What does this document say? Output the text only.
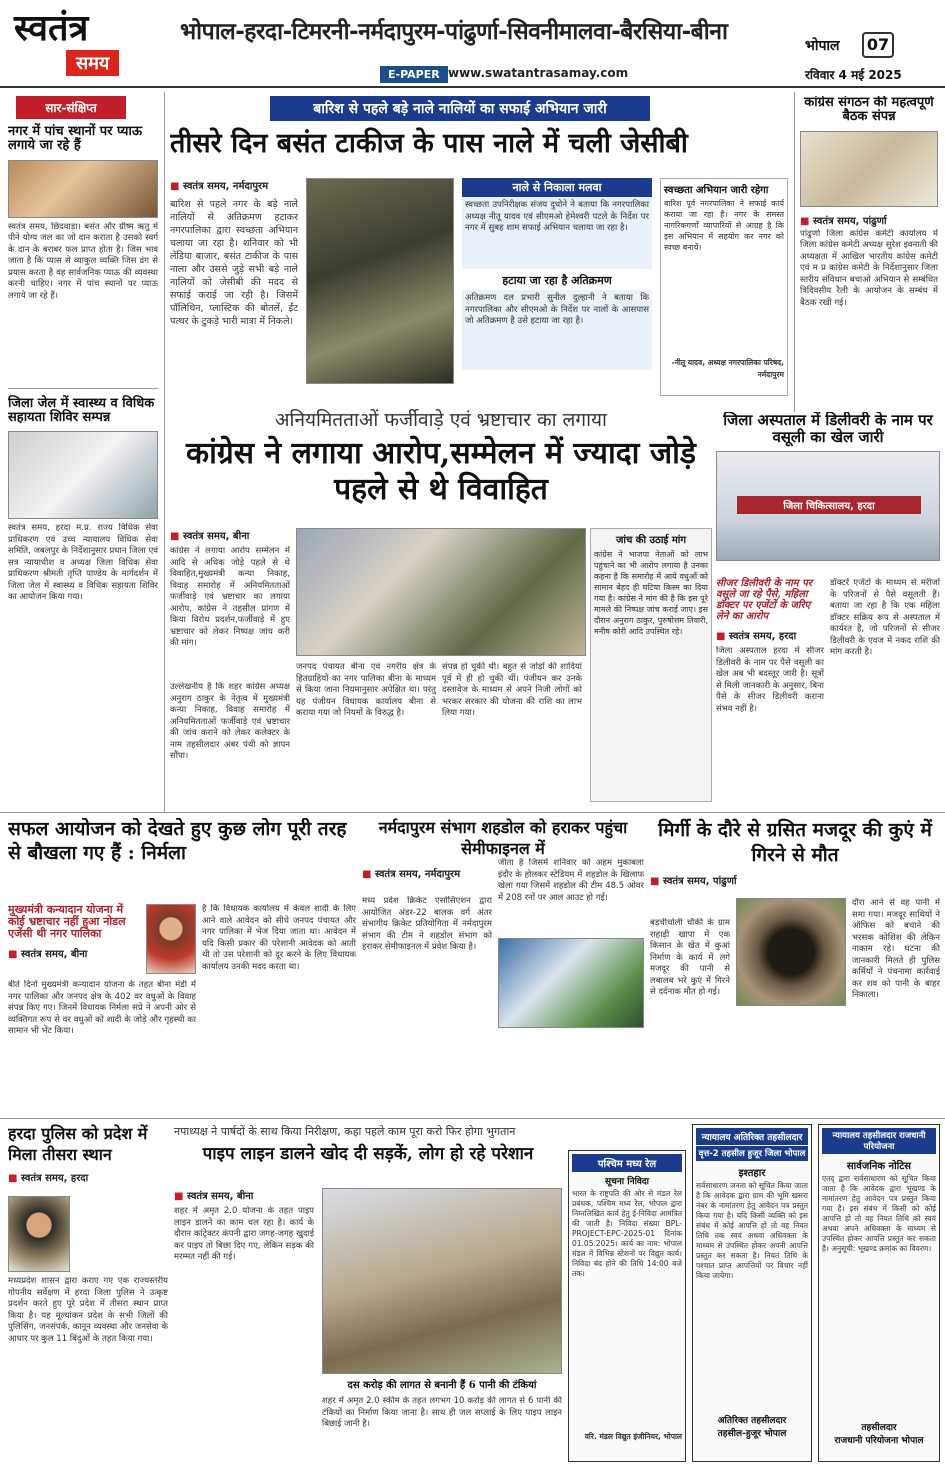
स्वतंत्र
समय
भोपाल-हरदा-टिमरनी-नर्मदापुरम-पांढुर्णा-सिवनीमालवा-बैरसिया-बीना
E-PAPER www.swatantrasamay.com
भोपाल	07
रविवार 4 मई 2025
सार-संक्षिप्त
नगर में पांच स्थानों पर प्याऊ लगाये जा रहे हैं
स्वतंत्र समय, छिंदवाड़ा। बसंत और ग्रीष्म ऋतु में पीने योग्य जल का जो दान कराता है उसको स्वर्ग के दान के बराबर फल प्राप्त होता है। जिस भाव जाता है कि प्यास से व्याकुल व्यक्ति जिस ढंग से प्रयास करता है वह सार्वजनिक प्याऊ की व्यवस्था करनी चाहिए। नगर में पांच स्थानों पर प्याऊ लगाये जा रहे हैं।
जिला जेल में स्वास्थ्य व विधिक सहायता शिविर सम्पन्न
स्वतंत्र समय, हरदा म.प्र. राज्य विधिक सेवा प्राधिकरण एवं उच्च न्यायालय विधिक सेवा समिति, जबलपुर के निर्देशानुसार प्रधान जिला एवं सत्र न्यायाधीश व अध्यक्ष जिला विधिक सेवा प्राधिकरण श्रीमती तृप्ति पाण्डेय के मार्गदर्शन में जिला जेल में स्वास्थ्य व विधिक सहायता शिविर का आयोजन किया गया।
बारिश से पहले बड़े नाले नालियों का सफाई अभियान जारी
तीसरे दिन बसंत टाकीज के पास नाले में चली जेसीबी
■ स्वतंत्र समय, नर्मदापुरम
बारिश से पहले नगर के बड़े नाले नालियों से अतिक्रमण हटाकर नगरपालिका द्वारा स्वच्छता अभियान चलाया जा रहा है। शनिवार को भी लेंडिया बाजार, बसंत टाकीज के पास नाला और उससे जुड़े सभी बड़े नाले नालियों को जेसीबी की मदद से सफाई कराई जा रही है। जिसमें पॉलिथिन, प्लास्टिक की बोतलें, ईंट पत्थर के टुकड़े भारी मात्रा में निकले।
नाले से निकाला मलवा
स्वच्छता उपनिरीक्षक संजय दुधोने ने बताया कि नगरपालिका अध्यक्ष नीतू यादव एवं सीएमओ हेमेश्वरी पटले के निर्देश पर नगर में सुबह शाम सफाई अभियान चलाया जा रहा है।
हटाया जा रहा है अतिक्रमण
अतिक्रमण दल प्रभारी सुनील दुल्हानी ने बताया कि नगरपालिका और सीएमओ के निर्देश पर नालों के आसपास जो अतिक्रमण है उसे हटाया जा रहा है।
स्वच्छता अभियान जारी रहेगा
बारिश पूर्व नगरपालिका ने सफाई कार्य कराया जा रहा है। नगर के समस्त नागरिकगणों व्यापारियों से आग्रह है कि इस अभियान में सहयोग कर नगर को स्वच्छ बनायें।
-नीतू यादव, अध्यक्ष नगरपालिका परिषद, नर्मदापुरम
कांग्रेस संगठन की महत्वपूर्ण बैठक संपन्न
■ स्वतंत्र समय, पांढुर्णा
पांढुर्णा जिला कांग्रेस कमेटी कार्यालय में जिला कांग्रेस कमेटी अध्यक्ष सुरेश इवनाती की अध्यक्षता में आखिल भारतीय कांग्रेस कमेटी एवं म प्र कांग्रेस कमेटी के निर्देशानुसार जिला स्तरीय संविधान बचाओ अभियान से सम्बंधित त्रिदिवसीय रैली के आयोजन के सम्बंध में बैठक रखी गई।
अनियमितताओं फर्जीवाड़े एवं भ्रष्टाचार का लगाया
कांग्रेस ने लगाया आरोप,सम्मेलन में ज्यादा जोड़े पहले से थे विवाहित
■ स्वतंत्र समय, बीना
कांग्रेस ने लगाया आरोप सम्मेलन में आदि से अधिक जोड़े पहले से थे विवाहित,मुख्यमंत्री कन्या निकाह, विवाह समारोह में अनियमितताओं फर्जीवाड़े एवं भ्रष्टाचार का लगाया आरोप, कांग्रेस ने तहसील प्रांगण में किया विरोध प्रदर्शन,फर्जीवाड़े में हुए भ्रष्टाचार को लेकर निष्पक्ष जांच करी की मांग।
उल्लेखनीय है कि शहर कांग्रेस अध्यक्ष अनुराग ठाकुर के नेतृत्व में मुख्यमंत्री कन्या निकाह, विवाह समारोह में अनियमितताओं फर्जीवाड़े एवं भ्रष्टाचार की जांच कराने को लेकर कलेक्टर के नाम तहसीलदार अंबर पंथी को ज्ञापन सौंपा।
जनपद पंचायत बीना एवं नगरीय क्षेत्र के हितग्राहियों का नगर पालिका बीना के माध्यम से किया जाना नियमानुसार अपेक्षित था। परंतु यह पंजीयन विधायक कार्यालय बीना से कराया गया जो नियमों के विरुद्ध है।
संपन्न हो चुकी थी। बहुत से जोड़ों की शादियां पूर्व में ही हो चुकी थीं। पंजीयन कर उनके दस्तावेज के माध्यम से अपने निजी लोगों को भरकर सरकार की योजना की राशि का लाभ लिया गया।
जांच की उठाई मांग
कांग्रेस ने भाजपा नेताओं को लाभ पहुंचाने का भी आरोप लगाया है उनका कहना है कि समारोह में आये वधुओं को सामान बेहद ही घटिया किस्म का दिया गया है। कांग्रेस ने मांग की है कि इस पूरे मामले की निष्पक्ष जांच कराई जाए। इस दौरान अनुराग ठाकुर, पुरुषोत्तम तिवारी, मनीष कोरी आदि उपस्थित रहे।
जिला अस्पताल में डिलीवरी के नाम पर वसूली का खेल जारी
जिला चिकित्सालय, हरदा
सीजर डिलीवरी के नाम पर वसूले जा रहे पैसे, महिला डॉक्टर पर एजेंटों के जरिए लेने का आरोप
■ स्वतंत्र समय, हरदा
जिला अस्पताल हरदा में सीजर डिलीवरी के नाम पर पैसे वसूली का खेल अब भी बदस्तूर जारी है। सूत्रों से मिली जानकारी के अनुसार, बिना पैसे के सीजर डिलीवरी कराना संभव नहीं है।
डॉक्टरें एजेंटों के माध्यम से मरीजों के परिजनों से पैसे वसूलती हैं। बताया जा रहा है कि एक महिला डॉक्टर सक्रिय रूप से अस्पताल में कार्यरत है, जो परिजनों से सीजर डिलीवरी के एवज में नकद राशि की मांग करती है।
सफल आयोजन को देखते हुए कुछ लोग पूरी तरह से बौखला गए हैं : निर्मला
मुख्यमंत्री कन्यादान योजना में कोई भ्रष्टाचार नहीं हुआ नोडल एजेंसी थी नगर पालिका
■ स्वतंत्र समय, बीना
बीते दिनों मुख्यमंत्री कन्यादान योजना के तहत बीना मंडी में नगर पालिका और जनपद क्षेत्र के 402 वर वधुओं के विवाह संपन्न किए गए। जिनमें विधायक निर्मला सप्रे ने अपनी ओर से व्यक्तिगत रूप से वर वधुओं को शादी के जोड़े और गृहस्थी का सामान भी भेंट किया।
है कि विधायक कार्यालय में केवल शादी के लिए आने वाले आवेदन को सीधे जनपद पंचायत और नगर पालिका में भेज दिया जाता था। आवेदन में यदि किसी प्रकार की परेशानी आवेदक को आती थी तो उस परेशानी को दूर करने के लिए विधायक कार्यालय उनकी मदद करता था।
नर्मदापुरम संभाग शहडोल को हराकर पहुंचा सेमीफाइनल में
■ स्वतंत्र समय, नर्मदापुरम
मध्य प्रदेश क्रिकेट एसोसिएशन द्वारा आयोजित अंडर-22 बालक वर्ग अंतर संभागीय क्रिकेट प्रतियोगिता में नर्मदापुरम संभाग की टीम ने शहडोल संभाग को हराकर सेमीफाइनल में प्रवेश किया है।
जीता है जिसमें शनिवार को अहम मुकाबला इंदौर के होलकर स्टेडियम में शहडोल के खिलाफ खेला गया जिसमें शहडोल की टीम 48.5 ओवर में 208 रनों पर आल आउट हो गई।
मिर्गी के दौरे से ग्रसित मजदूर की कुएं में गिरने से मौत
■ स्वतंत्र समय, पांढुर्णा
बड़चीचोली चौकी के ग्राम राहाड़ी खापा में एक किसान के खेत में कुआं निर्माण के कार्य में लगे मजदूर की पानी से लबालब भरे कुएं में गिरने से दर्दनाक मौत हो गई।
दौरा आने से वह पानी में समा गया। मजदूर साथियों ने ऑफिस को बचाने की भरसक कोशिश की लेकिन नाकाम रहे। घटना की जानकारी मिलते ही पुलिस कर्मियों ने पंचनामा कार्रवाई कर शव को पानी के बाहर निकाला।
हरदा पुलिस को प्रदेश में मिला तीसरा स्थान
■ स्वतंत्र समय, हरदा
मध्यप्रदेश शासन द्वारा कराए गए एक राज्यस्तरीय गोपनीय सर्वेक्षण में हरदा जिला पुलिस ने उत्कृष्ट प्रदर्शन करते हुए पूरे प्रदेश में तीसरा स्थान प्राप्त किया है। यह मूल्यांकन प्रदेश के सभी जिलों की पुलिसिंग, जनसंपर्क, कानून व्यवस्था और जनसेवा के आधार पर कुल 11 बिंदुओं के तहत किया गया।
नपाध्यक्ष ने पार्षदों के साथ किया निरीक्षण, कहा पहले काम पूरा करो फिर होगा भुगतान
पाइप लाइन डालने खोद दी सड़कें, लोग हो रहे परेशान
■ स्वतंत्र समय, बीना
शहर में अमृत 2.0 योजना के तहत पाइप लाइन डालने का काम चल रहा है। कार्य के दौरान कांट्रेक्टर कंपनी द्वारा जगह-जगह खुदाई कर पाइप तो बिछा दिए गए, लेकिन सड़क की मरम्मत नहीं की गई।
दस करोड़ की लागत से बनानी हैं 6 पानी की टंकियां
शहर में अमृत 2.0 स्कीम के तहत लगभग 10 करोड़ की लागत से 6 पानी की टंकियों का निर्माण किया जाना है। साथ ही जल सप्लाई के लिए पाइप लाइन बिछाई जानी है।
पश्चिम मध्य रेल
सूचना निविदा
भारत के राष्ट्रपति की ओर से मंडल रेल प्रबंधक, पश्चिम मध्य रेल, भोपाल द्वारा निम्नलिखित कार्य हेतु ई-निविदा आमंत्रित की जाती है। निविदा संख्या BPL-PROJECT-EPC-2025-01 दिनांक 01.05.2025। कार्य का नाम: भोपाल मंडल में विभिन्न स्टेशनों पर विद्युत कार्य। निविदा बंद होने की तिथि 14:00 बजे तक।
वरि. मंडल विद्युत इंजीनियर, भोपाल
न्यायालय अतिरिक्त तहसीलदार
वृत्त-2 तहसील हुजूर जिला भोपाल
इश्तहार
सर्वसाधारण जनता को सूचित किया जाता है कि आवेदक द्वारा ग्राम की भूमि खसरा नंबर के नामांतरण हेतु आवेदन पत्र प्रस्तुत किया गया है। यदि किसी व्यक्ति को इस संबंध में कोई आपत्ति हो तो वह नियत तिथि तक स्वयं अथवा अधिवक्ता के माध्यम से उपस्थित होकर अपनी आपत्ति प्रस्तुत कर सकता है। नियत तिथि के पश्चात प्राप्त आपत्तियों पर विचार नहीं किया जायेगा।
अतिरिक्त तहसीलदार
तहसील-हुजूर भोपाल
न्यायालय तहसीलदार राजधानी परियोजना
सार्वजनिक नोटिस
एतद् द्वारा सर्वसाधारण को सूचित किया जाता है कि आवेदक द्वारा भूखण्ड के नामांतरण हेतु आवेदन पत्र प्रस्तुत किया गया है। इस संबंध में किसी को कोई आपत्ति हो तो वह नियत तिथि को स्वयं अथवा अपने अधिवक्ता के माध्यम से उपस्थित होकर आपत्ति प्रस्तुत कर सकता है। अनुसूची: भूखण्ड क्रमांक का विवरण।
तहसीलदार
राजधानी परियोजना भोपाल
